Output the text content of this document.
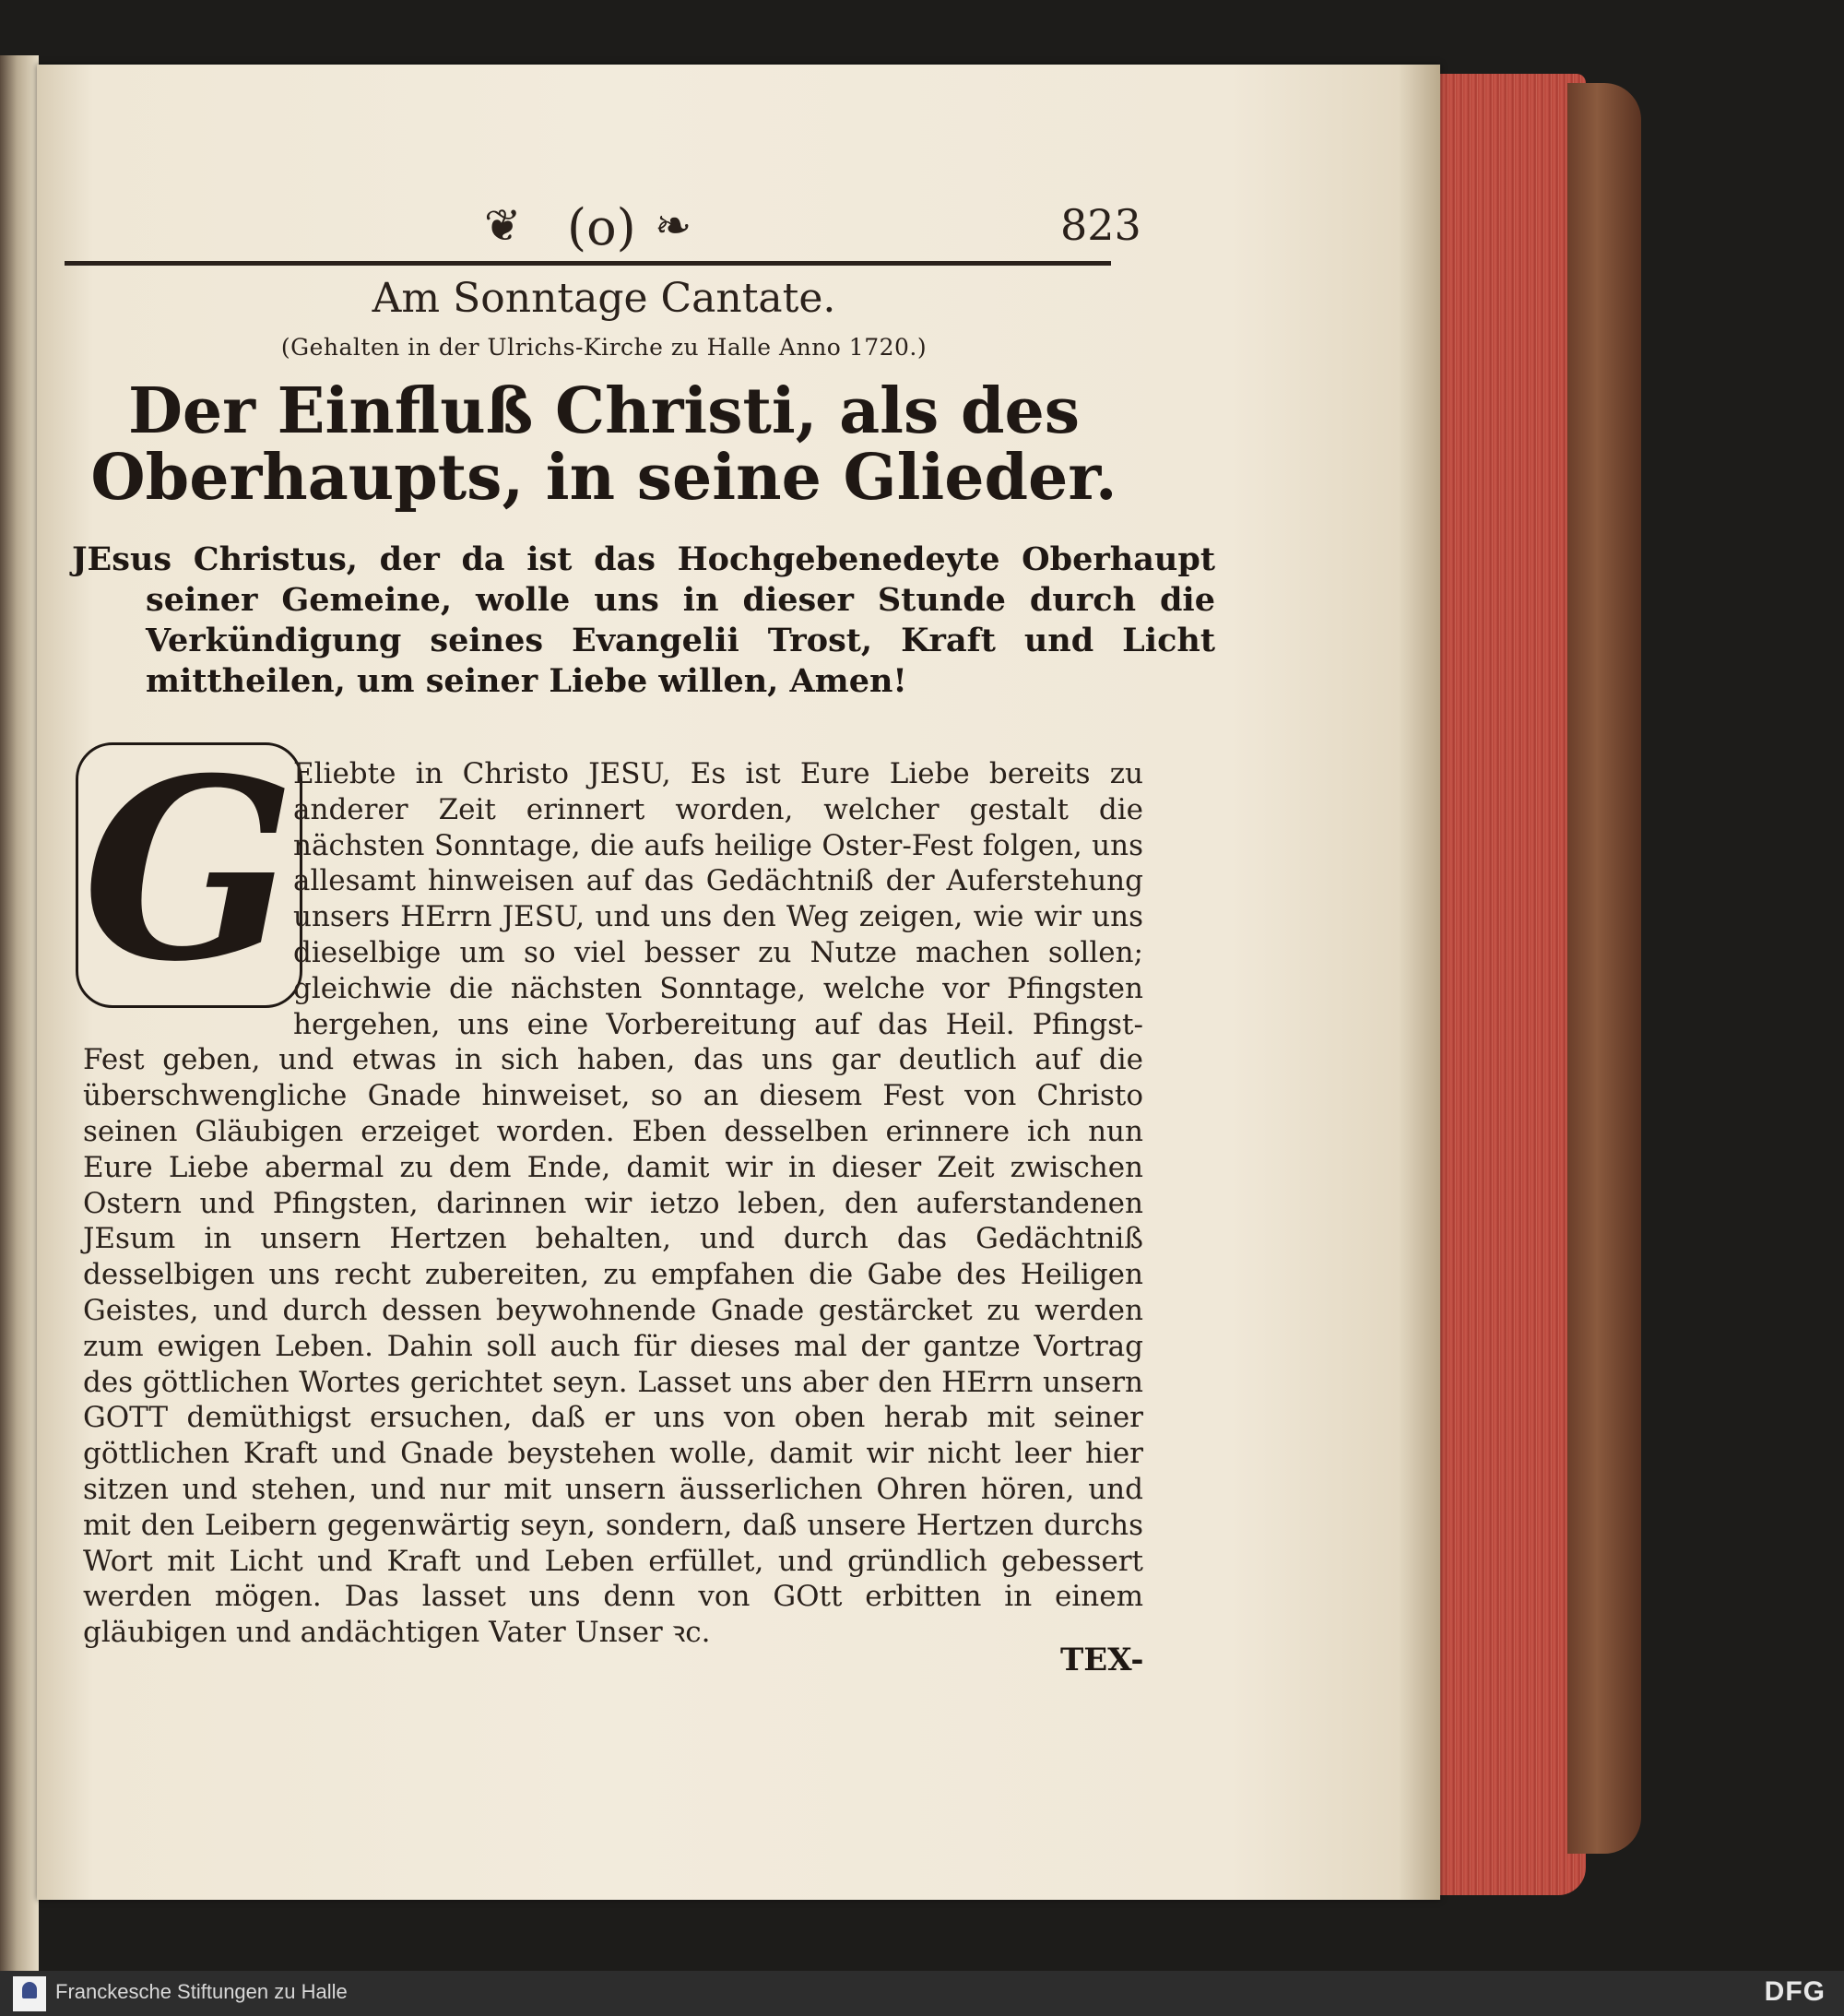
❦ (o) ❧	823
Am Sonntage Cantate.
(Gehalten in der Ulrichs-Kirche zu Halle Anno 1720.)
Der Einfluß Christi, als des Oberhaupts, in seine Glieder.
JEsus Christus, der da ist das Hochgebenedeyte Oberhaupt seiner Gemeine, wolle uns in dieser Stunde durch die Verkündigung seines Evangelii Trost, Kraft und Licht mittheilen, um seiner Liebe willen, Amen!
G
Eliebte in Christo JESU, Es ist Eure Liebe bereits zu anderer Zeit erinnert worden, welcher gestalt die nächsten Sonntage, die aufs heilige Oster-Fest folgen, uns allesamt hinweisen auf das Gedächtniß der Auferstehung unsers HErrn JESU, und uns den Weg zeigen, wie wir uns dieselbige um so viel besser zu Nutze machen sollen; gleichwie die nächsten Sonntage, welche vor Pfingsten hergehen, uns eine Vorbereitung auf das Heil. Pfingst-Fest geben, und etwas in sich haben, das uns gar deutlich auf die überschwengliche Gnade hinweiset, so an diesem Fest von Christo seinen Gläubigen erzeiget worden. Eben desselben erinnere ich nun Eure Liebe abermal zu dem Ende, damit wir in dieser Zeit zwischen Ostern und Pfingsten, darinnen wir ietzo leben, den auferstandenen JEsum in unsern Hertzen behalten, und durch das Gedächtniß desselbigen uns recht zubereiten, zu empfahen die Gabe des Heiligen Geistes, und durch dessen beywohnende Gnade gestärcket zu werden zum ewigen Leben. Dahin soll auch für dieses mal der gantze Vortrag des göttlichen Wortes gerichtet seyn. Lasset uns aber den HErrn unsern GOTT demüthigst ersuchen, daß er uns von oben herab mit seiner göttlichen Kraft und Gnade beystehen wolle, damit wir nicht leer hier sitzen und stehen, und nur mit unsern äusserlichen Ohren hören, und mit den Leibern gegenwärtig seyn, sondern, daß unsere Hertzen durchs Wort mit Licht und Kraft und Leben erfüllet, und gründlich gebessert werden mögen. Das lasset uns denn von GOtt erbitten in einem gläubigen und andächtigen Vater Unser ꝛc.
TEX-
Franckesche Stiftungen zu Halle	DFG
